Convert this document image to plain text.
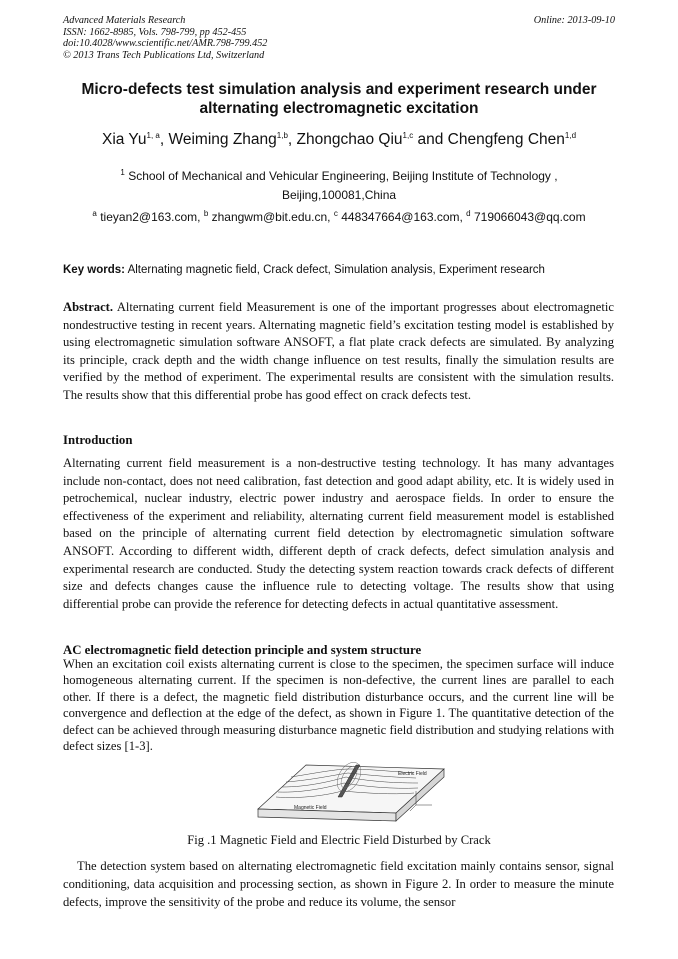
Advanced Materials Research
ISSN: 1662-8985, Vols. 798-799, pp 452-455
doi:10.4028/www.scientific.net/AMR.798-799.452
© 2013 Trans Tech Publications Ltd, Switzerland
Online: 2013-09-10
Micro-defects test simulation analysis and experiment research under
alternating electromagnetic excitation
Xia Yu$^{1, a}$, Weiming Zhang$^{1,b}$, Zhongchao Qiu$^{1,c}$ and Chengfeng Chen$^{1,d}$
$^1$ School of Mechanical and Vehicular Engineering, Beijing Institute of Technology ,
Beijing,100081,China
$^a$ tieyan2@163.com, $^b$ zhangwm@bit.edu.cn, $^c$ 448347664@163.com, $^d$ 719066043@qq.com
Key words: Alternating magnetic field, Crack defect, Simulation analysis, Experiment research
Abstract. Alternating current field Measurement is one of the important progresses about electromagnetic nondestructive testing in recent years. Alternating magnetic field’s excitation testing model is established by using electromagnetic simulation software ANSOFT, a flat plate crack defects are simulated. By analyzing its principle, crack depth and the width change influence on test results, finally the simulation results are verified by the method of experiment. The experimental results are consistent with the simulation results. The results show that this differential probe has good effect on crack defects test.
Introduction
Alternating current field measurement is a non-destructive testing technology. It has many advantages include non-contact, does not need calibration, fast detection and good adapt ability, etc. It is widely used in petrochemical, nuclear industry, electric power industry and aerospace fields. In order to ensure the effectiveness of the experiment and reliability, alternating current field measurement model is established based on the principle of alternating current field detection by electromagnetic simulation software ANSOFT. According to different width, different depth of crack defects, defect simulation analysis and experimental research are conducted. Study the detecting system reaction towards crack defects of different size and defects changes cause the influence rule to detecting voltage. The results show that using differential probe can provide the reference for detecting defects in actual quantitative assessment.
AC electromagnetic field detection principle and system structure
When an excitation coil exists alternating current is close to the specimen, the specimen surface will induce homogeneous alternating current. If the specimen is non-defective, the current lines are parallel to each other. If there is a defect, the magnetic field distribution disturbance occurs, and the current line will be convergence and deflection at the edge of the defect, as shown in Figure 1. The quantitative detection of the defect can be achieved through measuring disturbance magnetic field distribution and studying relations with defect sizes [1-3].
Electric Field
Magnetic Field
Fig .1 Magnetic Field and Electric Field Disturbed by Crack
The detection system based on alternating electromagnetic field excitation mainly contains sensor, signal conditioning, data acquisition and processing section, as shown in Figure 2. In order to measure the minute defects, improve the sensitivity of the probe and reduce its volume, the sensor
